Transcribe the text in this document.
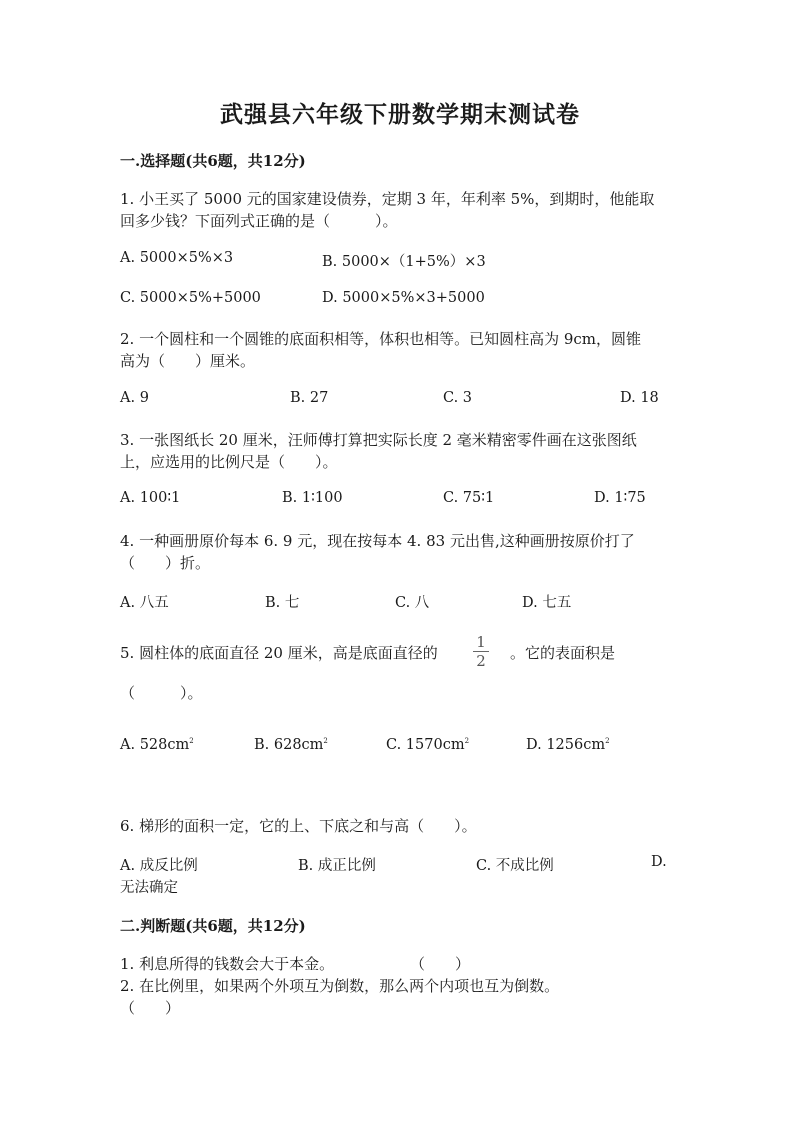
武强县六年级下册数学期末测试卷
一.选择题(共6题，共12分)
1. 小王买了 5000 元的国家建设债券，定期 3 年，年利率 5%，到期时，他能取
回多少钱？下面列式正确的是（　　　）。
A. 5000×5%×3	B. 5000×（1+5%）×3
C. 5000×5%+5000	D. 5000×5%×3+5000
2. 一个圆柱和一个圆锥的底面积相等，体积也相等。已知圆柱高为 9cm，圆锥
高为（　　）厘米。
A. 9	B. 27	C. 3	D. 18
3. 一张图纸长 20 厘米，汪师傅打算把实际长度 2 毫米精密零件画在这张图纸
上，应选用的比例尺是（　　）。
A. 100∶1	B. 1∶100	C. 75∶1	D. 1∶75
4. 一种画册原价每本 6. 9 元，现在按每本 4. 83 元出售,这种画册按原价打了
（　　）折。
A. 八五	B. 七	C. 八	D. 七五
5. 圆柱体的底面直径 20 厘米，高是底面直径的
1
2 。它的表面积是
（　　　）。
A. $528cm^2$	B. $628cm^2$	C. $1570cm^2$	D. $1256cm^2$
6. 梯形的面积一定，它的上、下底之和与高（　　）。
A. 成反比例	B. 成正比例	C. 不成比例	D.
无法确定
二.判断题(共6题，共12分)
1. 利息所得的钱数会大于本金。	（　　）
2. 在比例里，如果两个外项互为倒数，那么两个内项也互为倒数。
（　　）
